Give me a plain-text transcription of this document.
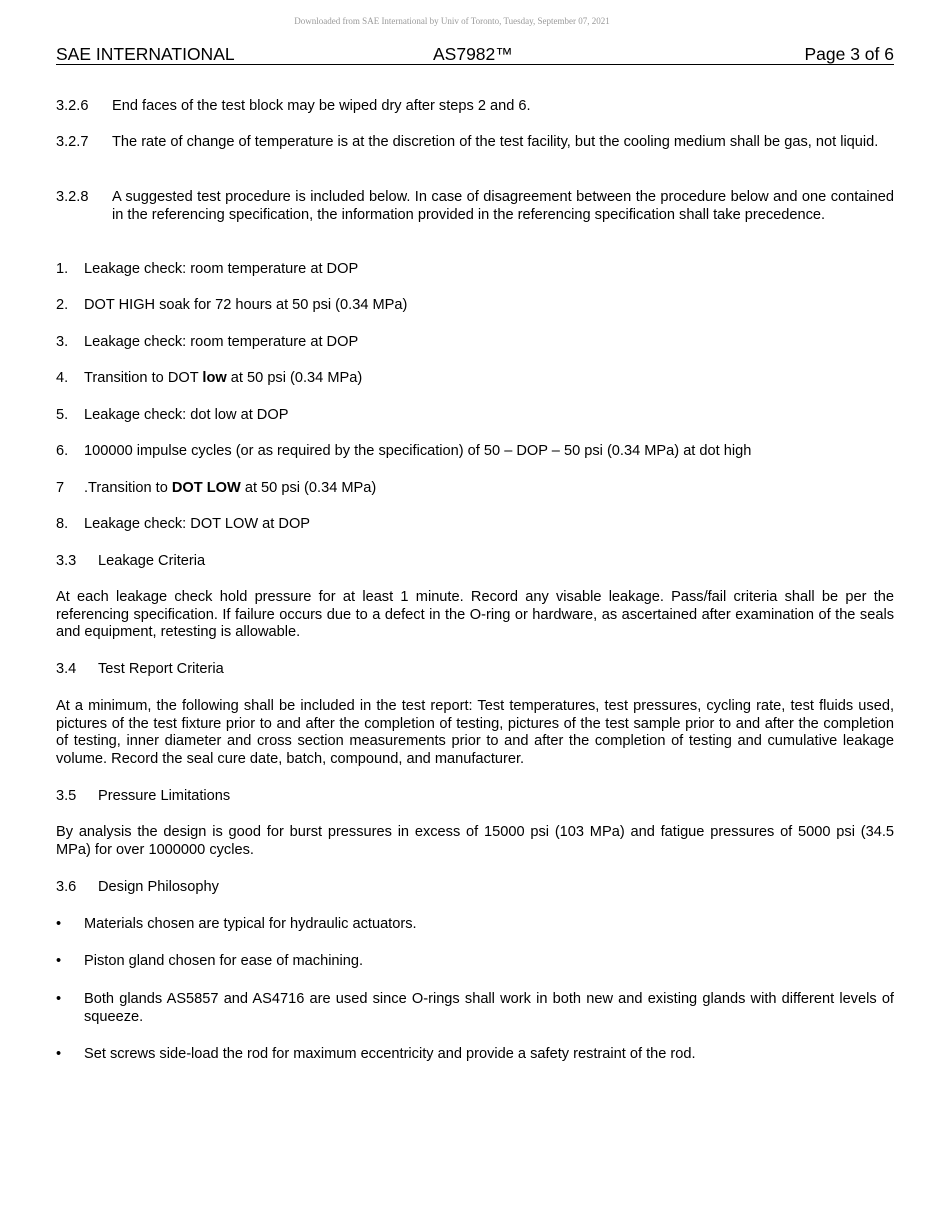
Downloaded from SAE International by Univ of Toronto, Tuesday, September 07, 2021
SAE INTERNATIONAL	AS7982™	Page 3 of 6
3.2.6 End faces of the test block may be wiped dry after steps 2 and 6.
3.2.7 The rate of change of temperature is at the discretion of the test facility, but the cooling medium shall be gas, not liquid.
3.2.8 A suggested test procedure is included below. In case of disagreement between the procedure below and one contained in the referencing specification, the information provided in the referencing specification shall take precedence.
1. Leakage check: room temperature at DOP
2. DOT HIGH soak for 72 hours at 50 psi (0.34 MPa)
3. Leakage check: room temperature at DOP
4. Transition to DOT low at 50 psi (0.34 MPa)
5. Leakage check: dot low at DOP
6. 100000 impulse cycles (or as required by the specification) of 50 – DOP – 50 psi (0.34 MPa) at dot high
7 .Transition to DOT LOW at 50 psi (0.34 MPa)
8. Leakage check: DOT LOW at DOP
3.3 Leakage Criteria
At each leakage check hold pressure for at least 1 minute. Record any visable leakage. Pass/fail criteria shall be per the referencing specification. If failure occurs due to a defect in the O-ring or hardware, as ascertained after examination of the seals and equipment, retesting is allowable.
3.4 Test Report Criteria
At a minimum, the following shall be included in the test report: Test temperatures, test pressures, cycling rate, test fluids used, pictures of the test fixture prior to and after the completion of testing, pictures of the test sample prior to and after the completion of testing, inner diameter and cross section measurements prior to and after the completion of testing and cumulative leakage volume. Record the seal cure date, batch, compound, and manufacturer.
3.5 Pressure Limitations
By analysis the design is good for burst pressures in excess of 15000 psi (103 MPa) and fatigue pressures of 5000 psi (34.5 MPa) for over 1000000 cycles.
3.6 Design Philosophy
• Materials chosen are typical for hydraulic actuators.
• Piston gland chosen for ease of machining.
• Both glands AS5857 and AS4716 are used since O-rings shall work in both new and existing glands with different levels of squeeze.
• Set screws side-load the rod for maximum eccentricity and provide a safety restraint of the rod.
